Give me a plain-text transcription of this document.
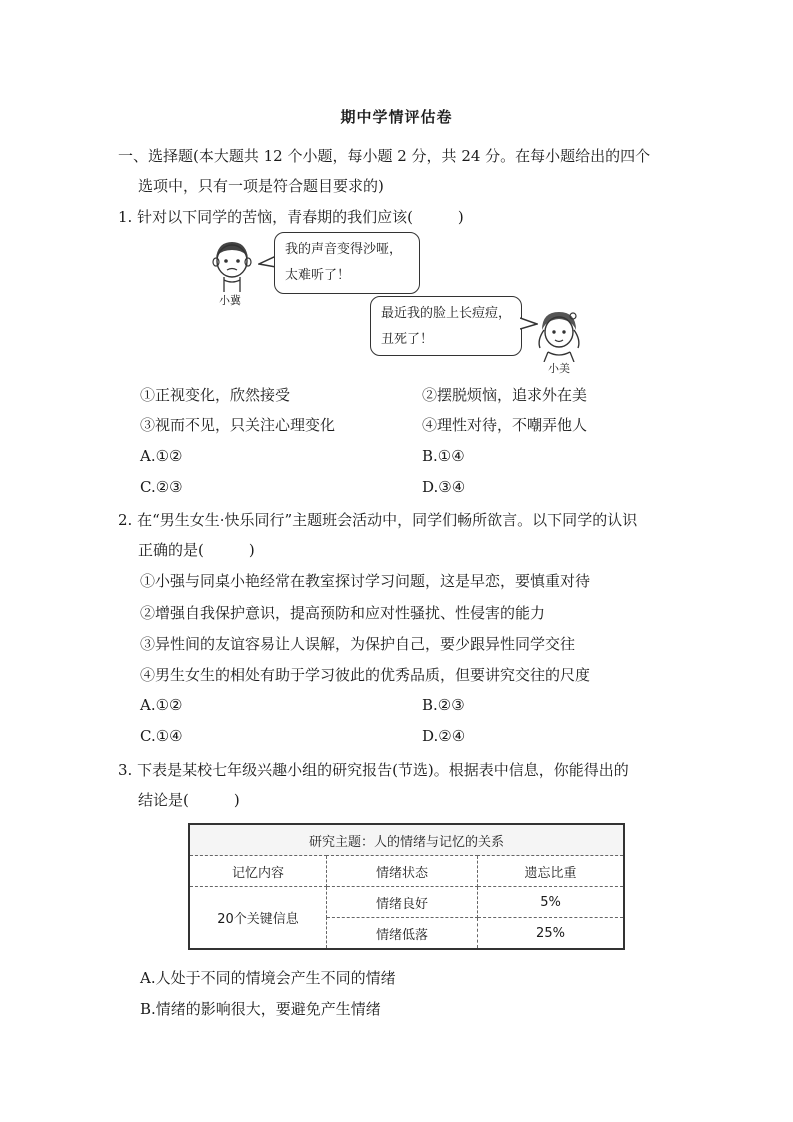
期中学情评估卷
一、选择题(本大题共 12 个小题，每小题 2 分，共 24 分。在每小题给出的四个
选项中，只有一项是符合题目要求的)
1. 针对以下同学的苦恼，青春期的我们应该(　　　)
小冀
我的声音变得沙哑，
太难听了！
最近我的脸上长痘痘，
丑死了！
小美
①正视变化，欣然接受	②摆脱烦恼，追求外在美
③视而不见，只关注心理变化	④理性对待，不嘲弄他人
A.①②	B.①④
C.②③	D.③④
2. 在“男生女生·快乐同行”主题班会活动中，同学们畅所欲言。以下同学的认识
正确的是(　　　)
①小强与同桌小艳经常在教室探讨学习问题，这是早恋，要慎重对待
②增强自我保护意识，提高预防和应对性骚扰、性侵害的能力
③异性间的友谊容易让人误解，为保护自己，要少跟异性同学交往
④男生女生的相处有助于学习彼此的优秀品质，但要讲究交往的尺度
A.①②	B.②③
C.①④	D.②④
3. 下表是某校七年级兴趣小组的研究报告(节选)。根据表中信息，你能得出的
结论是(　　　)
研究主题：人的情绪与记忆的关系		
记忆内容	情绪状态	遗忘比重
20个关键信息	情绪良好	5%
	情绪低落	25%
A.人处于不同的情境会产生不同的情绪
B.情绪的影响很大，要避免产生情绪
